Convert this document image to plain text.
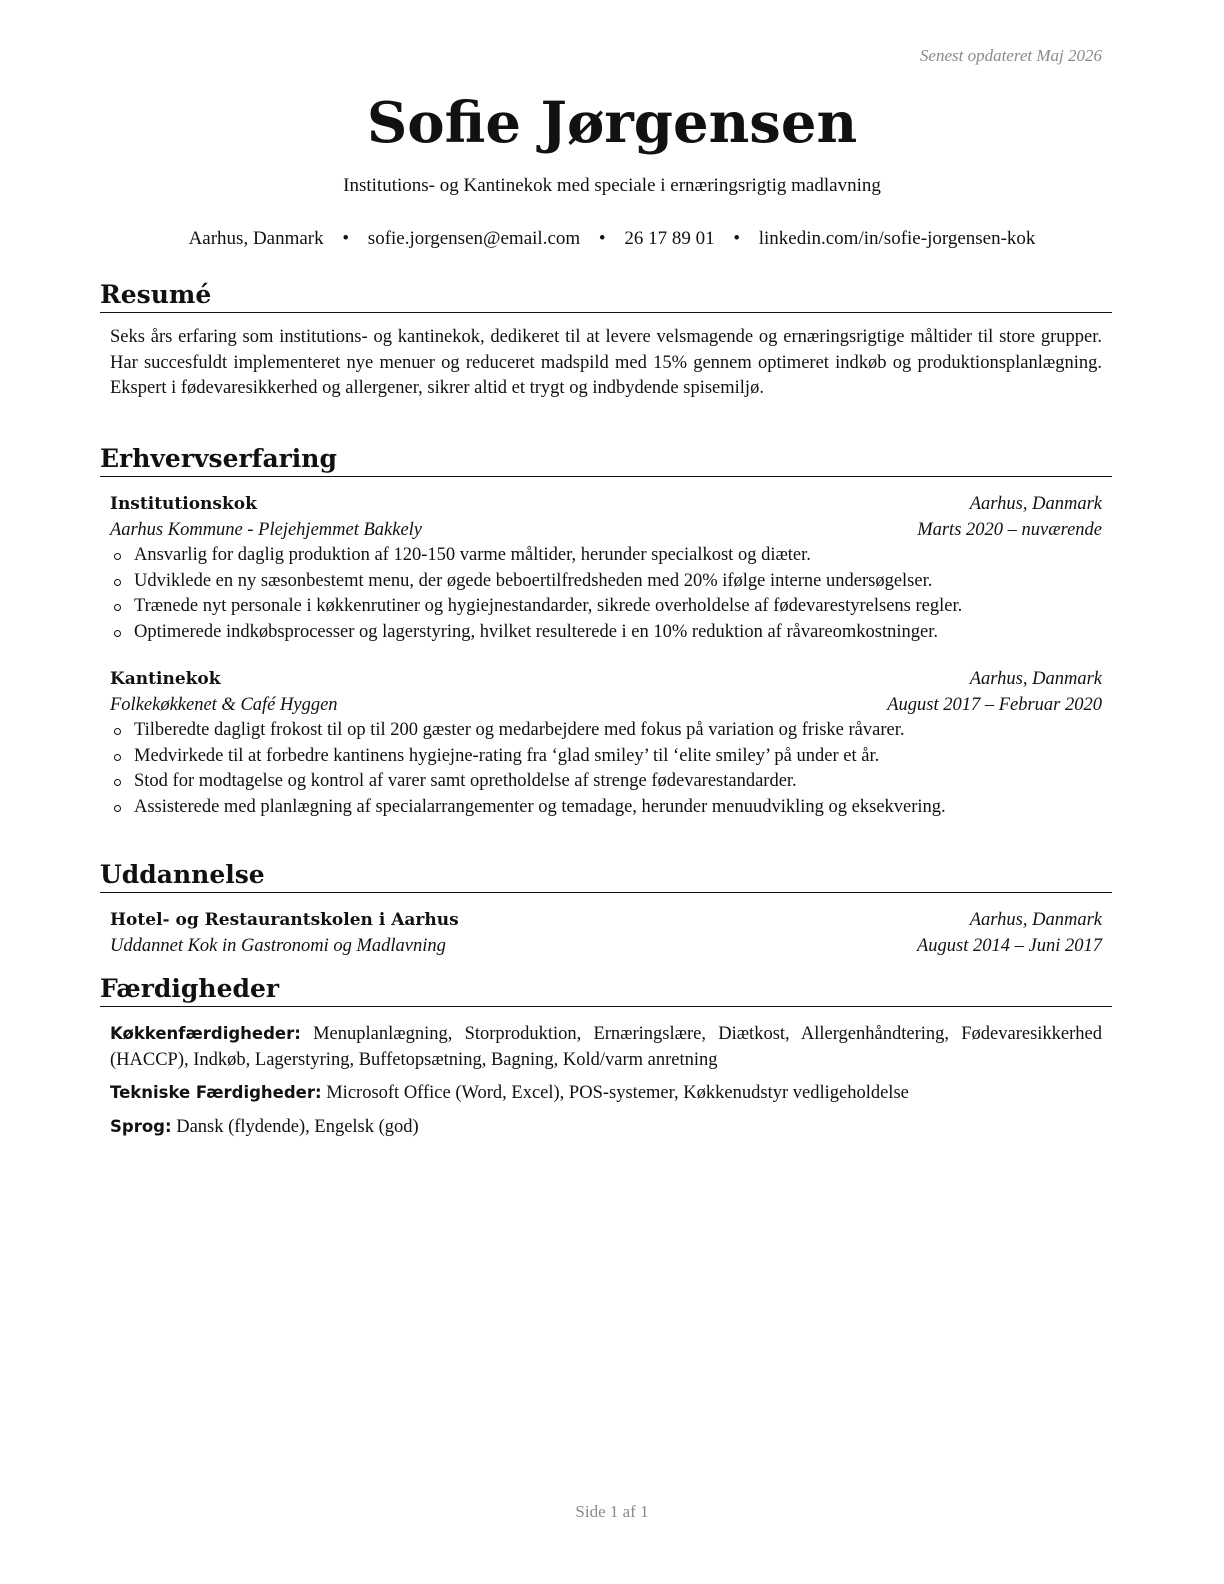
Senest opdateret Maj 2026
Sofie Jørgensen
Institutions- og Kantinekok med speciale i ernæringsrigtig madlavning
Aarhus, Danmark • sofie.jorgensen@email.com • 26 17 89 01 • linkedin.com/in/sofie-jorgensen-kok
Resumé
Seks års erfaring som institutions- og kantinekok, dedikeret til at levere velsmagende og ernæringsrigtige måltider til store grupper. Har succesfuldt implementeret nye menuer og reduceret madspild med 15% gennem optimeret indkøb og produktionsplanlægning. Ekspert i fødevaresikkerhed og allergener, sikrer altid et trygt og indbydende spisemiljø.
Erhvervserfaring
Institutionskok	Aarhus, Danmark
Aarhus Kommune - Plejehjemmet Bakkely	Marts 2020 – nuværende
Ansvarlig for daglig produktion af 120-150 varme måltider, herunder specialkost og diæter.
Udviklede en ny sæsonbestemt menu, der øgede beboertilfredsheden med 20% ifølge interne undersøgelser.
Trænede nyt personale i køkkenrutiner og hygiejnestandarder, sikrede overholdelse af fødevarestyrelsens regler.
Optimerede indkøbsprocesser og lagerstyring, hvilket resulterede i en 10% reduktion af råvareomkostninger.
Kantinekok	Aarhus, Danmark
Folkekøkkenet & Café Hyggen	August 2017 – Februar 2020
Tilberedte dagligt frokost til op til 200 gæster og medarbejdere med fokus på variation og friske råvarer.
Medvirkede til at forbedre kantinens hygiejne-rating fra ‘glad smiley’ til ‘elite smiley’ på under et år.
Stod for modtagelse og kontrol af varer samt opretholdelse af strenge fødevarestandarder.
Assisterede med planlægning af specialarrangementer og temadage, herunder menuudvikling og eksekvering.
Uddannelse
Hotel- og Restaurantskolen i Aarhus	Aarhus, Danmark
Uddannet Kok in Gastronomi og Madlavning	August 2014 – Juni 2017
Færdigheder
Køkkenfærdigheder: Menuplanlægning, Storproduktion, Ernæringslære, Diætkost, Allergenhåndtering, Fødevaresikkerhed (HACCP), Indkøb, Lagerstyring, Buffetopsætning, Bagning, Kold/varm anretning
Tekniske Færdigheder: Microsoft Office (Word, Excel), POS-systemer, Køkkenudstyr vedligeholdelse
Sprog: Dansk (flydende), Engelsk (god)
Side 1 af 1
